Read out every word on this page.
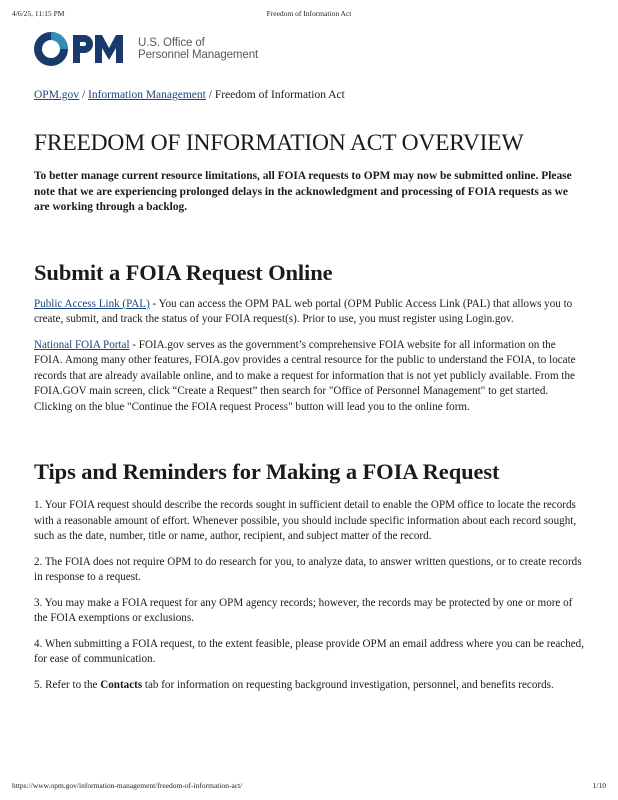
4/6/25, 11:15 PM	Freedom of Information Act
U.S. Office of
Personnel Management
OPM.gov / Information Management / Freedom of Information Act
FREEDOM OF INFORMATION ACT OVERVIEW

To better manage current resource limitations, all FOIA requests to OPM may now be submitted online. Please note that we are experiencing prolonged delays in the acknowledgment and processing of FOIA requests as we are working through a backlog.

Submit a FOIA Request Online

Public Access Link (PAL) - You can access the OPM PAL web portal (OPM Public Access Link (PAL) that allows you to create, submit, and track the status of your FOIA request(s). Prior to use, you must register using Login.gov.

National FOIA Portal - FOIA.gov serves as the government’s comprehensive FOIA website for all information on the FOIA. Among many other features, FOIA.gov provides a central resource for the public to understand the FOIA, to locate records that are already available online, and to make a request for information that is not yet publicly available. From the FOIA.GOV main screen, click “Create a Request” then search for "Office of Personnel Management" to get started. Clicking on the blue "Continue the FOIA request Process" button will lead you to the online form.

Tips and Reminders for Making a FOIA Request

1. Your FOIA request should describe the records sought in sufficient detail to enable the OPM office to locate the records with a reasonable amount of effort. Whenever possible, you should include specific information about each record sought, such as the date, number, title or name, author, recipient, and subject matter of the record.

2. The FOIA does not require OPM to do research for you, to analyze data, to answer written questions, or to create records in response to a request.

3. You may make a FOIA request for any OPM agency records; however, the records may be protected by one or more of the FOIA exemptions or exclusions.

4. When submitting a FOIA request, to the extent feasible, please provide OPM an email address where you can be reached, for ease of communication.

5. Refer to the Contacts tab for information on requesting background investigation, personnel, and benefits records.

https://www.opm.gov/information-management/freedom-of-information-act/	1/10
